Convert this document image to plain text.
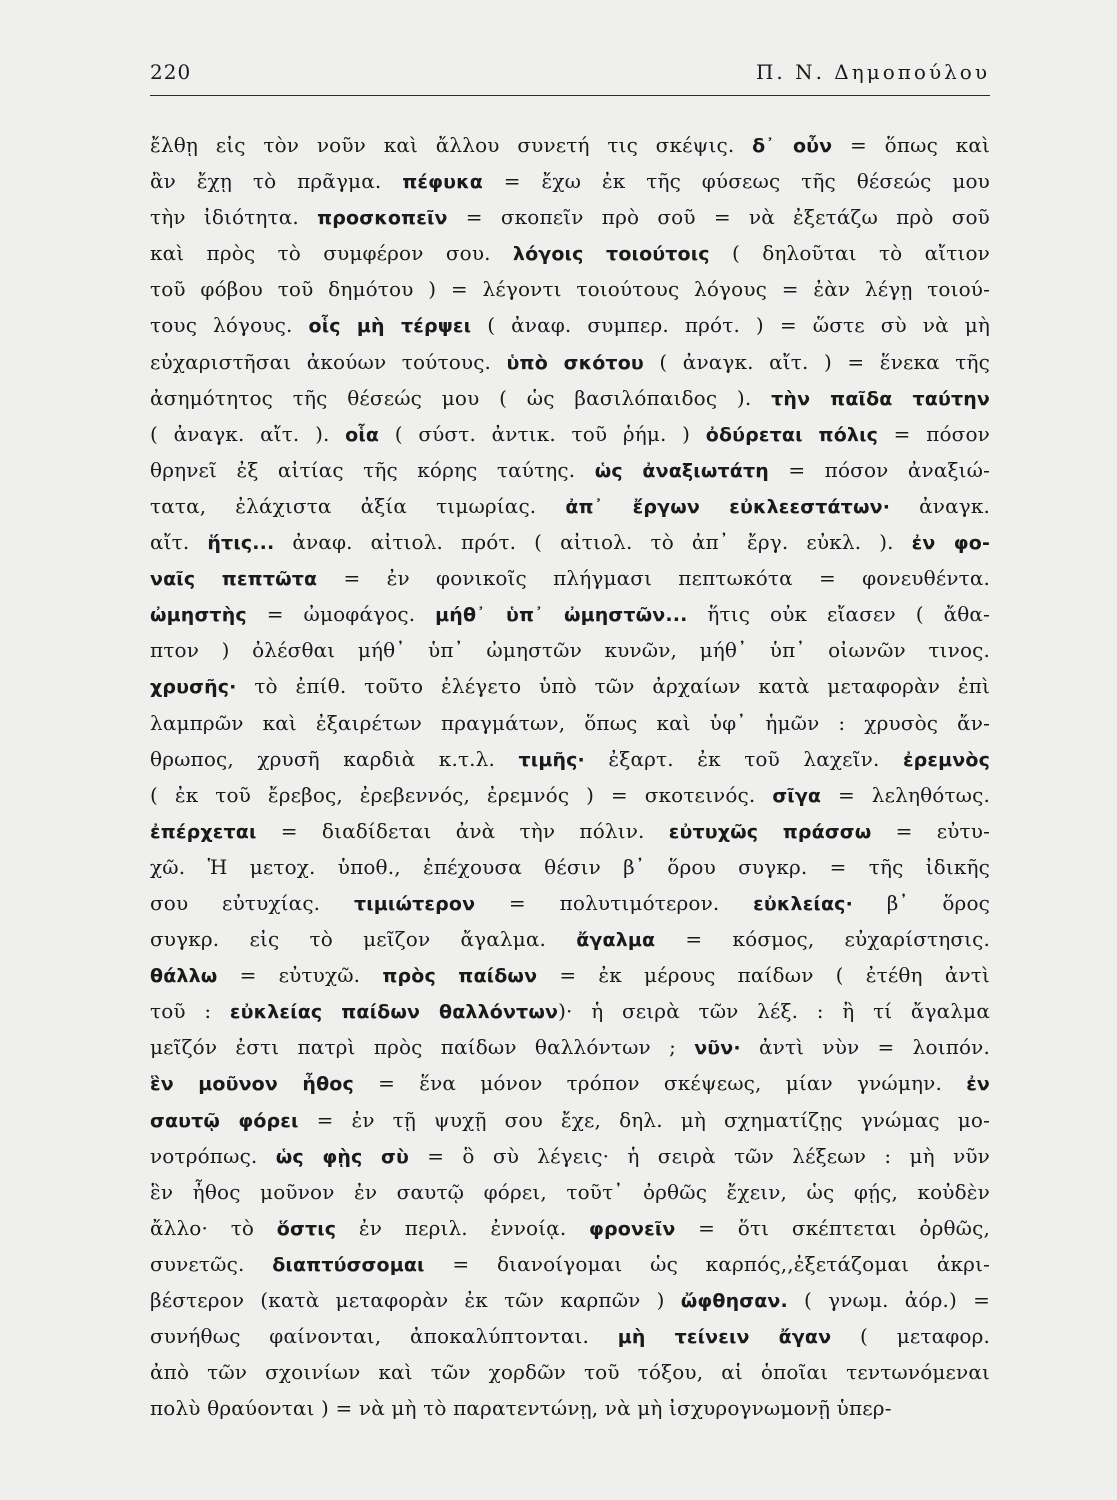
220	Π. Ν. Δημοπούλου
ἔλθῃ εἰς τὸν νοῦν καὶ ἄλλου συνετή τις σκέψις. δ᾽ οὖν = ὅπως καὶ
ἂν ἔχῃ τὸ πρᾶγμα. πέφυκα = ἔχω ἐκ τῆς φύσεως τῆς θέσεώς μου
τὴν ἰδιότητα. προσκοπεῖν = σκοπεῖν πρὸ σοῦ = νὰ ἐξετάζω πρὸ σοῦ
καὶ πρὸς τὸ συμφέρον σου. λόγοις τοιούτοις ( δηλοῦται τὸ αἴτιον
τοῦ φόβου τοῦ δημότου ) = λέγοντι τοιούτους λόγους = ἐὰν λέγῃ τοιού-
τους λόγους. οἷς μὴ τέρψει ( ἀναφ. συμπερ. πρότ. ) = ὥστε σὺ νὰ μὴ
εὐχαριστῆσαι ἀκούων τούτους. ὑπὸ σκότου ( ἀναγκ. αἴτ. ) = ἕνεκα τῆς
ἀσημότητος τῆς θέσεώς μου ( ὡς βασιλόπαιδος ). τὴν παῖδα ταύτην
( ἀναγκ. αἴτ. ). οἷα ( σύστ. ἀντικ. τοῦ ῥήμ. ) ὀδύρεται πόλις = πόσον
θρηνεῖ ἐξ αἰτίας τῆς κόρης ταύτης. ὡς ἀναξιωτάτη = πόσον ἀναξιώ-
τατα, ἐλάχιστα ἀξία τιμωρίας. ἀπ᾽ ἔργων εὐκλεεστάτων· ἀναγκ.
αἴτ. ἥτις... ἀναφ. αἰτιολ. πρότ. ( αἰτιολ. τὸ ἀπ᾽ ἔργ. εὐκλ. ). ἐν φο-
ναῖς πεπτῶτα = ἐν φονικοῖς πλήγμασι πεπτωκότα = φονευθέντα.
ὠμηστὴς = ὠμοφάγος. μήθ᾽ ὑπ᾽ ὠμηστῶν... ἥτις οὐκ εἴασεν ( ἄθα-
πτον ) ὀλέσθαι μήθ᾽ ὑπ᾽ ὠμηστῶν κυνῶν, μήθ᾽ ὑπ᾽ οἰωνῶν τινος.
χρυσῆς· τὸ ἐπίθ. τοῦτο ἐλέγετο ὑπὸ τῶν ἀρχαίων κατὰ μεταφορὰν ἐπὶ
λαμπρῶν καὶ ἐξαιρέτων πραγμάτων, ὅπως καὶ ὑφ᾽ ἡμῶν : χρυσὸς ἄν-
θρωπος, χρυσῆ καρδιὰ κ.τ.λ. τιμῆς· ἐξαρτ. ἐκ τοῦ λαχεῖν. ἐρεμνὸς
( ἐκ τοῦ ἔρεβος, ἐρεβεννός, ἐρεμνός ) = σκοτεινός. σῖγα = λεληθότως.
ἐπέρχεται = διαδίδεται ἀνὰ τὴν πόλιν. εὐτυχῶς πράσσω = εὐτυ-
χῶ. Ἡ μετοχ. ὑποθ., ἐπέχουσα θέσιν β᾽ ὅρου συγκρ. = τῆς ἰδικῆς
σου εὐτυχίας. τιμιώτερον = πολυτιμότερον. εὐκλείας· β᾽ ὅρος
συγκρ. εἰς τὸ μεῖζον ἄγαλμα. ἄγαλμα = κόσμος, εὐχαρίστησις.
θάλλω = εὐτυχῶ. πρὸς παίδων = ἐκ μέρους παίδων ( ἐτέθη ἀντὶ
τοῦ : εὐκλείας παίδων θαλλόντων)· ἡ σειρὰ τῶν λέξ. : ἢ τί ἄγαλμα
μεῖζόν ἐστι πατρὶ πρὸς παίδων θαλλόντων ; νῦν· ἀντὶ νὺν = λοιπόν.
ἓν μοῦνον ἦθος = ἕνα μόνον τρόπον σκέψεως, μίαν γνώμην. ἐν
σαυτῷ φόρει = ἐν τῇ ψυχῇ σου ἔχε, δηλ. μὴ σχηματίζῃς γνώμας μο-
νοτρόπως. ὡς φῂς σὺ = ὃ σὺ λέγεις· ἡ σειρὰ τῶν λέξεων : μὴ νῦν
ἓν ἦθος μοῦνον ἐν σαυτῷ φόρει, τοῦτ᾽ ὀρθῶς ἔχειν, ὡς φῄς, κοὐδὲν
ἄλλο· τὸ ὅστις ἐν περιλ. ἐννοίᾳ. φρονεῖν = ὅτι σκέπτεται ὀρθῶς,
συνετῶς. διαπτύσσομαι = διανοίγομαι ὡς καρπός,,ἐξετάζομαι ἀκρι-
βέστερον (κατὰ μεταφορὰν ἐκ τῶν καρπῶν ) ὤφθησαν. ( γνωμ. ἀόρ.) =
συνήθως φαίνονται, ἀποκαλύπτονται. μὴ τείνειν ἄγαν ( μεταφορ.
ἀπὸ τῶν σχοινίων καὶ τῶν χορδῶν τοῦ τόξου, αἱ ὁποῖαι τεντωνόμεναι
πολὺ θραύονται ) = νὰ μὴ τὸ παρατεντώνῃ, νὰ μὴ ἰσχυρογνωμονῇ ὑπερ-
